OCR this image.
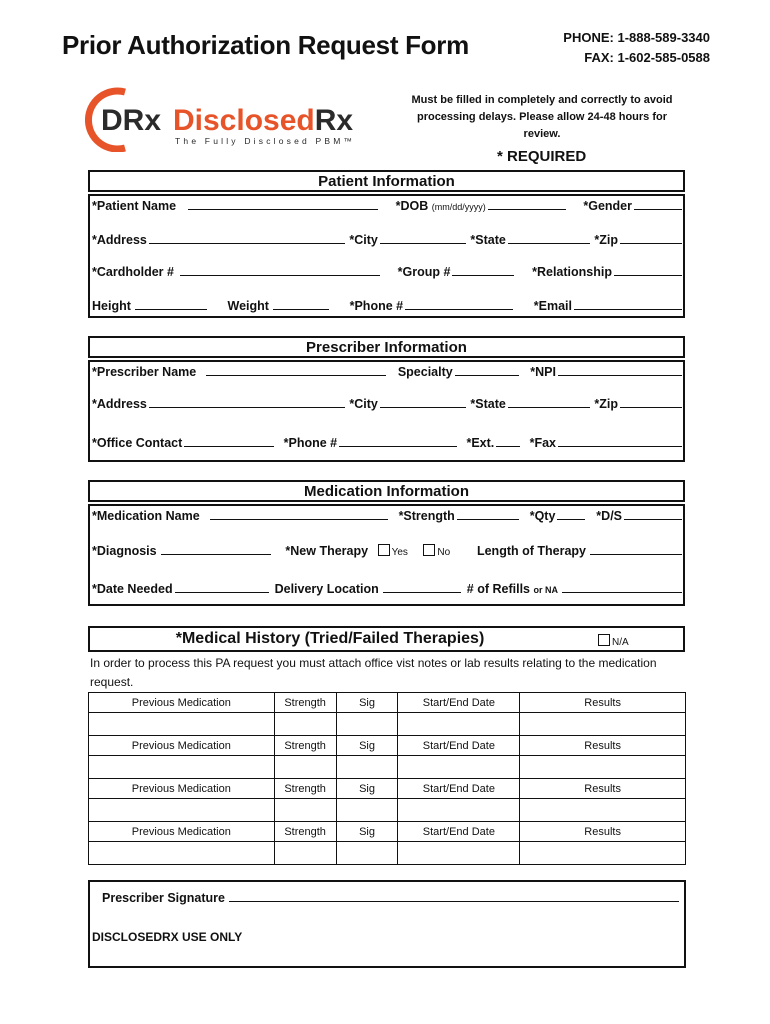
Prior Authorization Request Form	PHONE: 1-888-589-3340
FAX: 1-602-585-0588
DRx DisclosedRx
The Fully Disclosed PBM™
Must be filled in completely and correctly to avoid processing delays. Please allow 24-48 hours for review.
* REQUIRED
Patient Information
*Patient Name	*DOB (mm/dd/yyyy)	*Gender
*Address	*City	*State	*Zip
*Cardholder #	*Group #	*Relationship
Height	Weight	*Phone #	*Email
Prescriber Information
*Prescriber Name	Specialty	*NPI
*Address	*City	*State	*Zip
*Office Contact	*Phone #	*Ext.	*Fax
Medication Information
*Medication Name	*Strength	*Qty	*D/S
*Diagnosis	*New Therapy Yes	No	Length of Therapy
*Date Needed	Delivery Location	# of Refills or NA
*Medical History (Tried/Failed Therapies)	N/A
In order to process this PA request you must attach office vist notes or lab results relating to the medication request.
Previous Medication	Strength	Sig	Start/End Date	Results

Previous Medication	Strength	Sig	Start/End Date	Results

Previous Medication	Strength	Sig	Start/End Date	Results

Previous Medication	Strength	Sig	Start/End Date	Results

Prescriber Signature
DISCLOSEDRX USE ONLY
